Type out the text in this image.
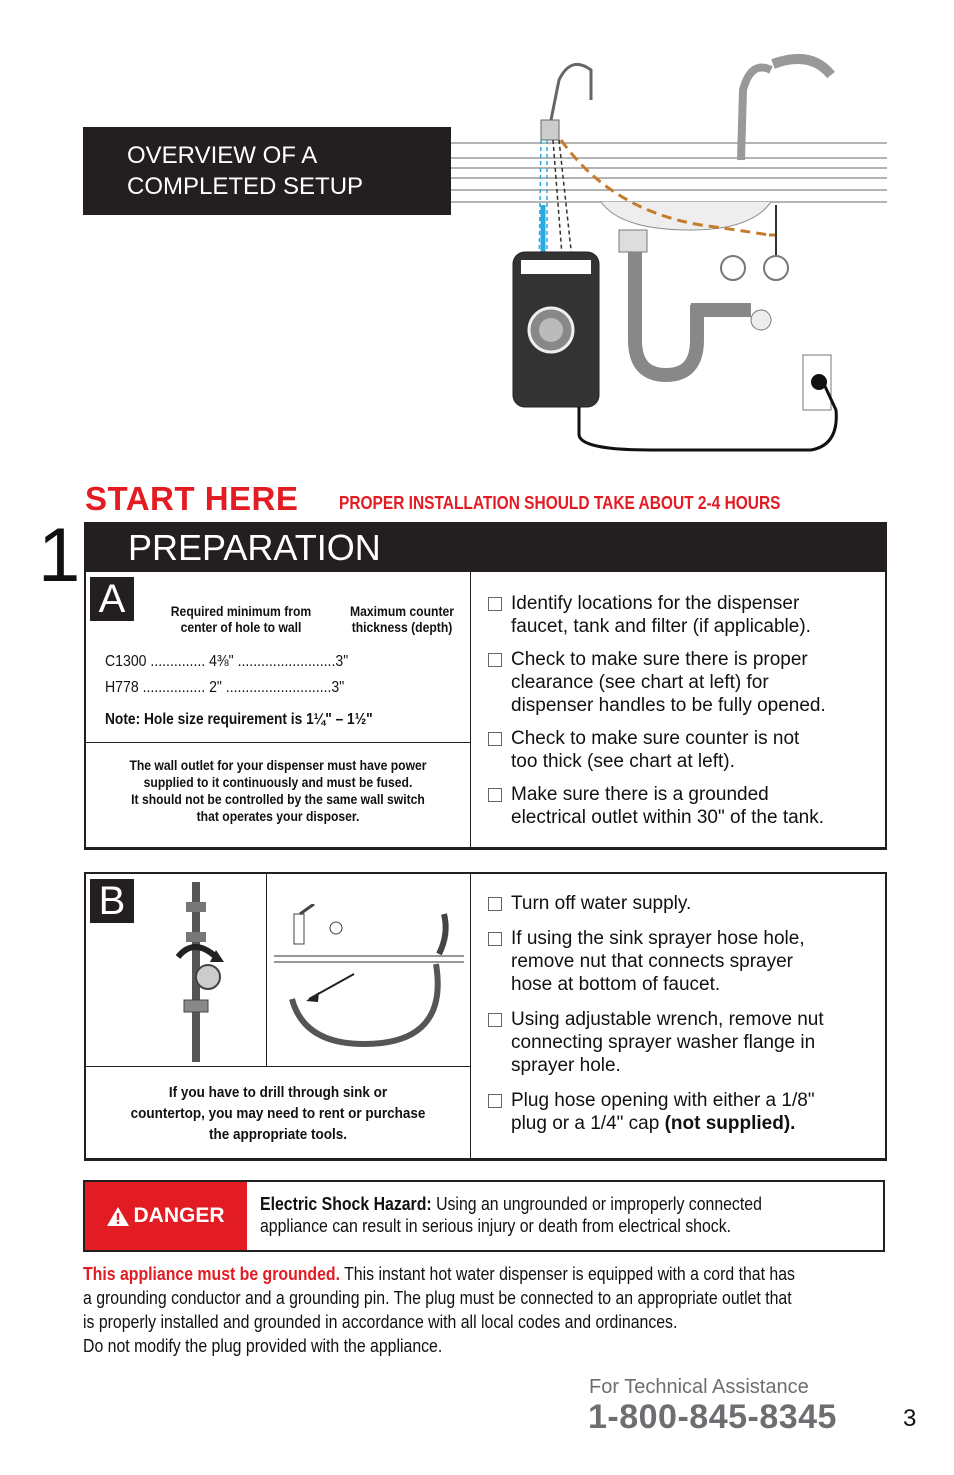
OVERVIEW OF A
COMPLETED SETUP
START HERE PROPER INSTALLATION SHOULD TAKE ABOUT 2-4 HOURS
1	PREPARATION
A	Required minimum from
center of hole to wall
Maximum counter
thickness (depth)
C1300 .............. 4⅜" .........................3"
H778 ................ 2" ...........................3"
Note: Hole size requirement is 1¼" – 1½"
The wall outlet for your dispenser must have power
supplied to it continuously and must be fused.
It should not be controlled by the same wall switch
that operates your disposer.
Identify locations for the dispenser
faucet, tank and filter (if applicable).
Check to make sure there is proper
clearance (see chart at left) for
dispenser handles to be fully opened.
Check to make sure counter is not
too thick (see chart at left).
Make sure there is a grounded
electrical outlet within 30" of the tank.
B
If you have to drill through sink or
countertop, you may need to rent or purchase
the appropriate tools.
Turn off water supply.
If using the sink sprayer hose hole,
remove nut that connects sprayer
hose at bottom of faucet.
Using adjustable wrench, remove nut
connecting sprayer washer flange in
sprayer hole.
Plug hose opening with either a 1/8"
plug or a 1/4" cap (not supplied).
DANGER Electric Shock Hazard: Using an ungrounded or improperly connected
appliance can result in serious injury or death from electrical shock.
This appliance must be grounded. This instant hot water dispenser is equipped with a cord that has
a grounding conductor and a grounding pin. The plug must be connected to an appropriate outlet that
is properly installed and grounded in accordance with all local codes and ordinances.
Do not modify the plug provided with the appliance.
For Technical Assistance
1-800-845-8345	3
